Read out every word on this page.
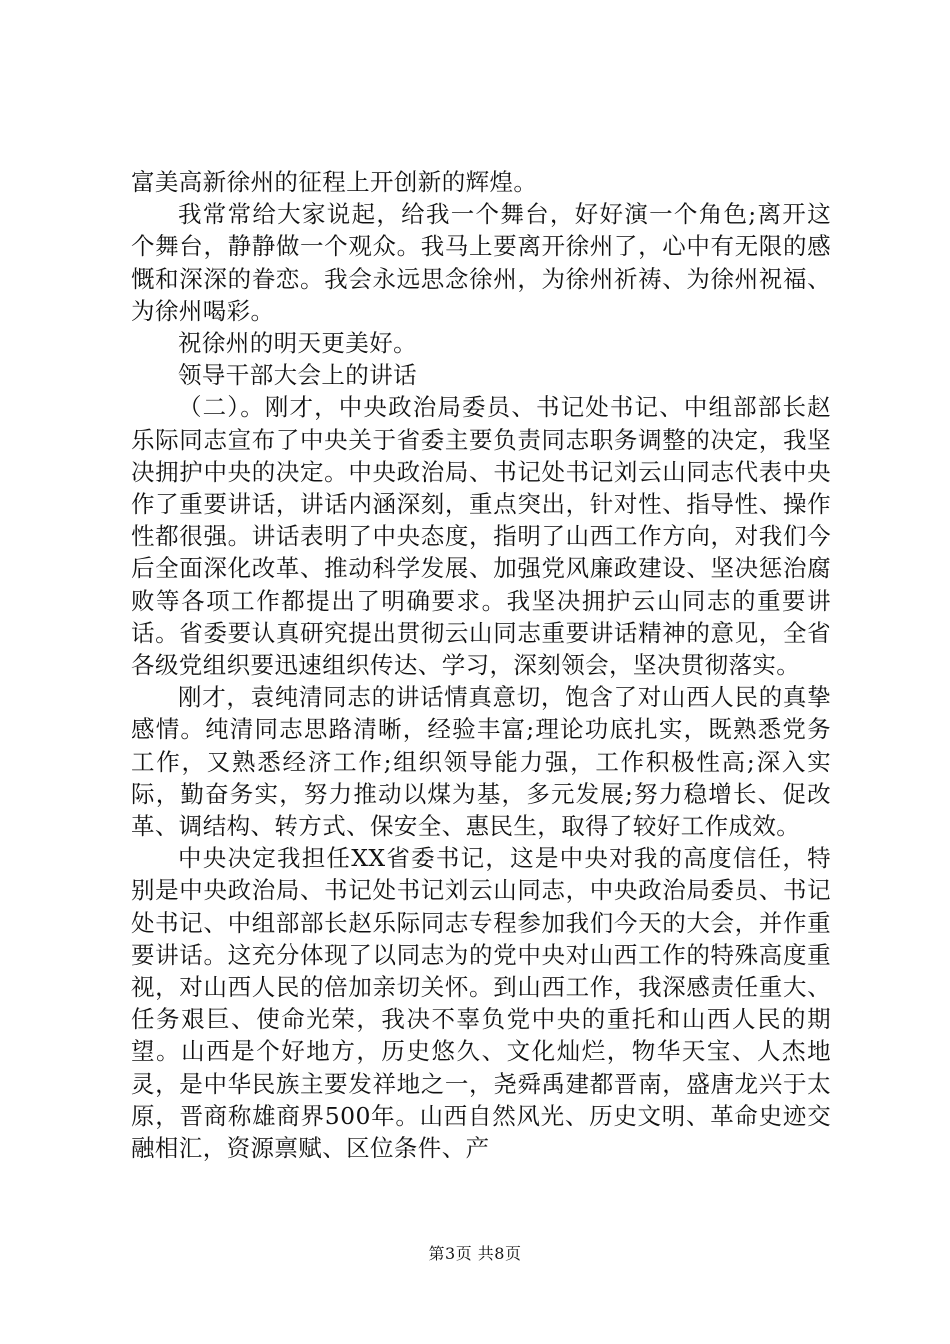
富美高新徐州的征程上开创新的辉煌。

我常常给大家说起，给我一个舞台，好好演一个角色;离开这个舞台，静静做一个观众。我马上要离开徐州了，心中有无限的感慨和深深的眷恋。我会永远思念徐州，为徐州祈祷、为徐州祝福、为徐州喝彩。

祝徐州的明天更美好。

领导干部大会上的讲话

（二）。刚才，中央政治局委员、书记处书记、中组部部长赵乐际同志宣布了中央关于省委主要负责同志职务调整的决定，我坚决拥护中央的决定。中央政治局、书记处书记刘云山同志代表中央作了重要讲话，讲话内涵深刻，重点突出，针对性、指导性、操作性都很强。讲话表明了中央态度，指明了山西工作方向，对我们今后全面深化改革、推动科学发展、加强党风廉政建设、坚决惩治腐败等各项工作都提出了明确要求。我坚决拥护云山同志的重要讲话。省委要认真研究提出贯彻云山同志重要讲话精神的意见，全省各级党组织要迅速组织传达、学习，深刻领会，坚决贯彻落实。

刚才，袁纯清同志的讲话情真意切，饱含了对山西人民的真挚感情。纯清同志思路清晰，经验丰富;理论功底扎实，既熟悉党务工作，又熟悉经济工作;组织领导能力强，工作积极性高;深入实际，勤奋务实，努力推动以煤为基，多元发展;努力稳增长、促改革、调结构、转方式、保安全、惠民生，取得了较好工作成效。

中央决定我担任XX省委书记，这是中央对我的高度信任，特别是中央政治局、书记处书记刘云山同志，中央政治局委员、书记处书记、中组部部长赵乐际同志专程参加我们今天的大会，并作重要讲话。这充分体现了以同志为的党中央对山西工作的特殊高度重视，对山西人民的倍加亲切关怀。到山西工作，我深感责任重大、任务艰巨、使命光荣，我决不辜负党中央的重托和山西人民的期望。山西是个好地方，历史悠久、文化灿烂，物华天宝、人杰地灵，是中华民族主要发祥地之一，尧舜禹建都晋南，盛唐龙兴于太原，晋商称雄商界500年。山西自然风光、历史文明、革命史迹交融相汇，资源禀赋、区位条件、产

第3页 共8页
